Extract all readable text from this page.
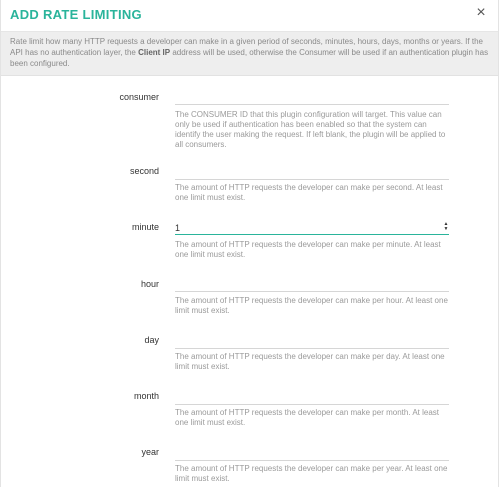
ADD RATE LIMITING	×

Rate limit how many HTTP requests a developer can make in a given period of seconds, minutes, hours, days, months or years. If the API has no authentication layer, the Client IP address will be used, otherwise the Consumer will be used if an authentication plugin has been configured.

consumer
The CONSUMER ID that this plugin configuration will target. This value can only be used if authentication has been enabled so that the system can identify the user making the request. If left blank, the plugin will be applied to all consumers.
second
The amount of HTTP requests the developer can make per second. At least one limit must exist.
minute 1	▲
▼
The amount of HTTP requests the developer can make per minute. At least one limit must exist.
hour
The amount of HTTP requests the developer can make per hour. At least one limit must exist.
day
The amount of HTTP requests the developer can make per day. At least one limit must exist.
month
The amount of HTTP requests the developer can make per month. At least one limit must exist.
year
The amount of HTTP requests the developer can make per year. At least one limit must exist.
